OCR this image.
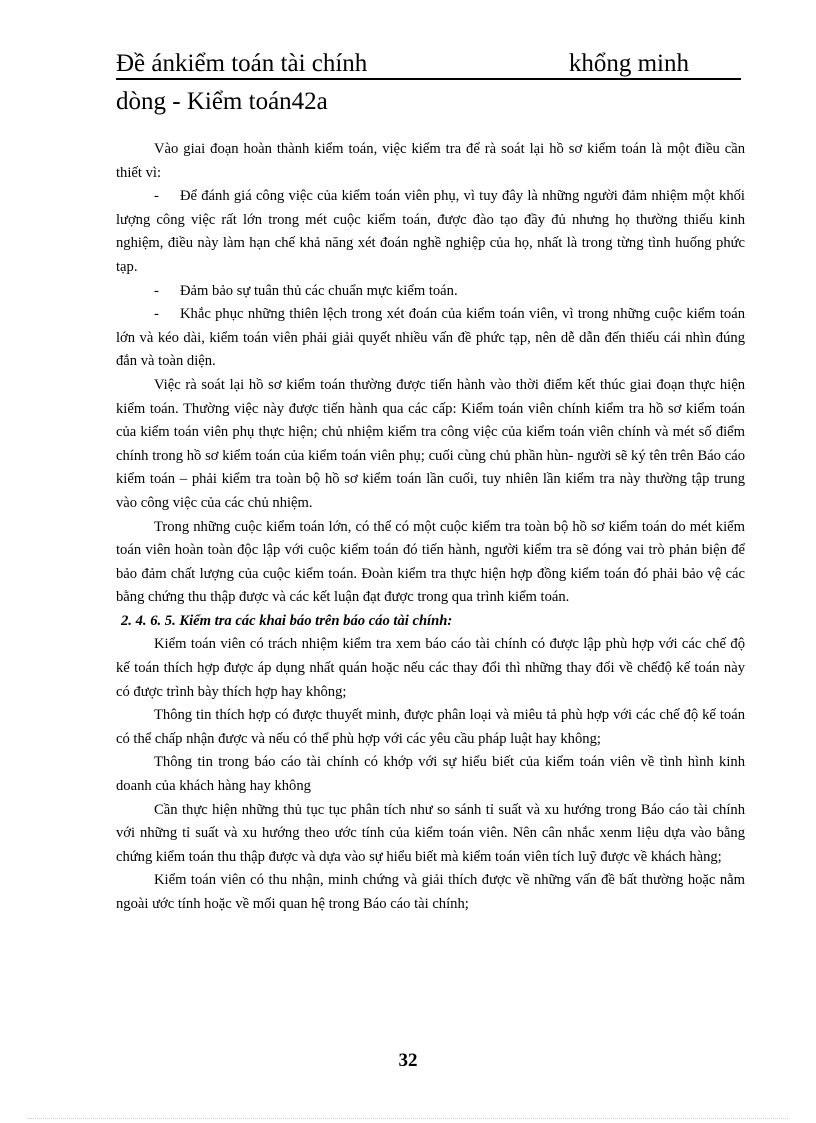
Đề ánkiểm toán tài chính	khổng minh
dòng - Kiểm toán42a

Vào giai đoạn hoàn thành kiểm toán, việc kiểm tra để rà soát lại hồ sơ kiểm toán là một điều cần thiết vì:

- Để đánh giá công việc của kiểm toán viên phụ, vì tuy đây là những người đảm nhiệm một khối lượng công việc rất lớn trong mét cuộc kiểm toán, được đào tạo đầy đủ nhưng họ thường thiếu kinh nghiệm, điều này làm hạn chế khả năng xét đoán nghề nghiệp của họ, nhất là trong từng tình huống phức tạp.

- Đảm bảo sự tuân thủ các chuẩn mực kiểm toán.

- Khắc phục những thiên lệch trong xét đoán của kiểm toán viên, vì trong những cuộc kiểm toán lớn và kéo dài, kiểm toán viên phải giải quyết nhiều vấn đề phức tạp, nên dễ dẫn đến thiếu cái nhìn đúng đắn và toàn diện.

Việc rà soát lại hồ sơ kiểm toán thường được tiến hành vào thời điểm kết thúc giai đoạn thực hiện kiểm toán. Thường việc này được tiến hành qua các cấp: Kiểm toán viên chính kiểm tra hồ sơ kiểm toán của kiểm toán viên phụ thực hiện; chủ nhiệm kiểm tra công việc của kiểm toán viên chính và mét số điểm chính trong hồ sơ kiểm toán của kiểm toán viên phụ; cuối cùng chủ phần hùn- người sẽ ký tên trên Báo cáo kiểm toán – phải kiểm tra toàn bộ hồ sơ kiểm toán lần cuối, tuy nhiên lần kiểm tra này thường tập trung vào công việc của các chủ nhiệm.

Trong những cuộc kiểm toán lớn, có thể có một cuộc kiểm tra toàn bộ hồ sơ kiểm toán do mét kiểm toán viên hoàn toàn độc lập với cuộc kiểm toán đó tiến hành, người kiểm tra sẽ đóng vai trò phản biện để bảo đảm chất lượng của cuộc kiểm toán. Đoàn kiểm tra thực hiện hợp đồng kiểm toán đó phải bảo vệ các bằng chứng thu thập được và các kết luận đạt được trong qua trình kiểm toán.

2. 4. 6. 5. Kiểm tra các khai báo trên báo cáo tài chính:

Kiểm toán viên có trách nhiệm kiểm tra xem báo cáo tài chính có được lập phù hợp với các chế độ kế toán thích hợp được áp dụng nhất quán hoặc nếu các thay đổi thì những thay đổi về chếđộ kế toán này có được trình bày thích hợp hay không;

Thông tin thích hợp có được thuyết minh, được phân loại và miêu tả phù hợp với các chế độ kế toán có thể chấp nhận được và nếu có thể phù hợp với các yêu cầu pháp luật hay không;

Thông tin trong báo cáo tài chính có khớp với sự hiểu biết của kiểm toán viên về tình hình kinh doanh của khách hàng hay không

Cần thực hiện những thủ tục tục phân tích như so sánh tỉ suất và xu hướng trong Báo cáo tài chính với những tỉ suất và xu hướng theo ước tính của kiểm toán viên. Nên cân nhắc xenm liệu dựa vào bằng chứng kiểm toán thu thập được và dựa vào sự hiểu biết mà kiểm toán viên tích luỹ được về khách hàng;

Kiểm toán viên có thu nhận, minh chứng và giải thích được về những vấn đề bất thường hoặc nằm ngoài ước tính hoặc về mối quan hệ trong Báo cáo tài chính;

32
